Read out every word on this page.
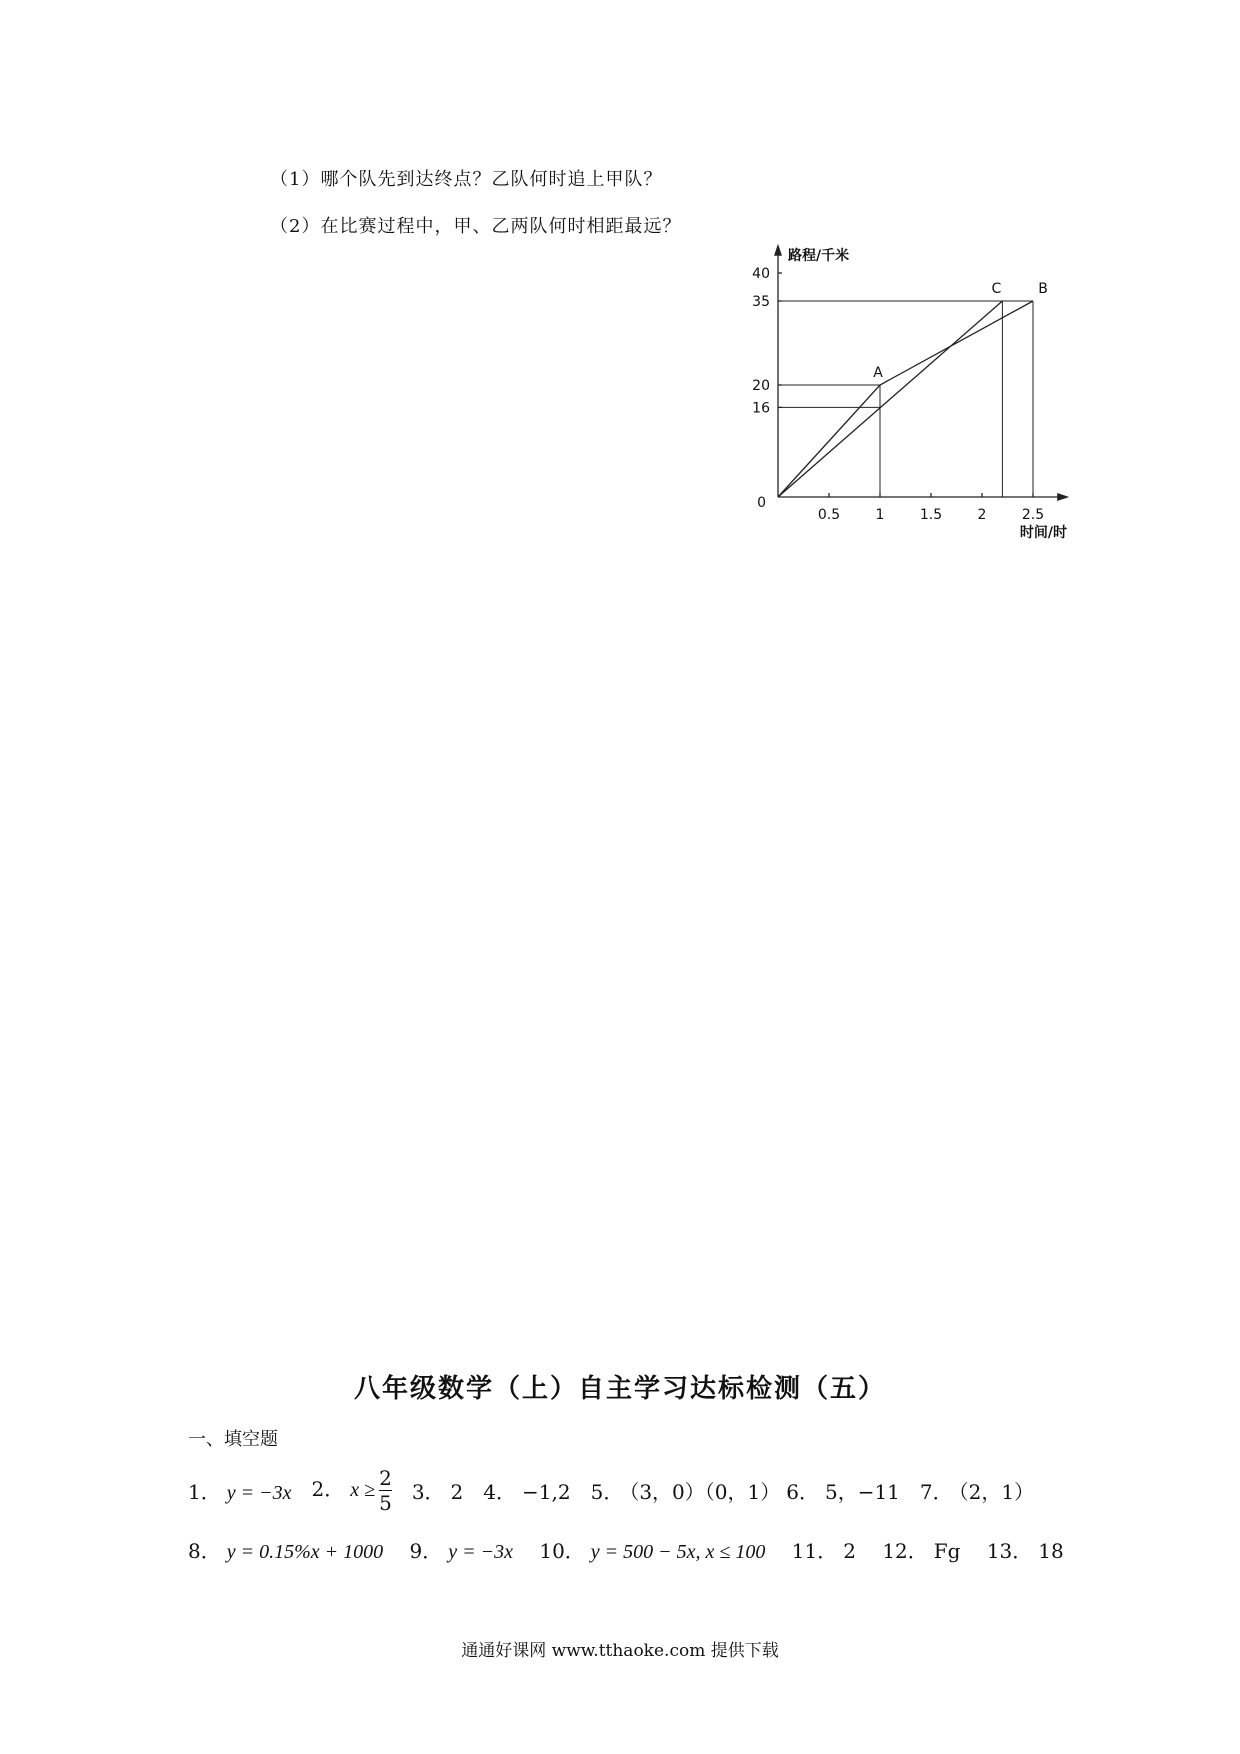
（1）哪个队先到达终点？乙队何时追上甲队？
（2）在比赛过程中，甲、乙两队何时相距最远？
0.5	1	1.5	2	2.5
16
20
35
40
0
路程/千米
时间/时
A
B
C
八年级数学（上）自主学习达标检测（五）
一、填空题
1． y = −3x 2． $x \ge \frac{2}{5} 3$． 2 4． −1,2 5． （3，0）（0，1） 6． 5，−11 7． （2，1）
8． y = 0.15%x + 1000 9． y = −3x 10． y = 500 − 5x, x ≤ 100 11． 2 12． Fg 13． 18
通通好课网 www.tthaoke.com 提供下载
